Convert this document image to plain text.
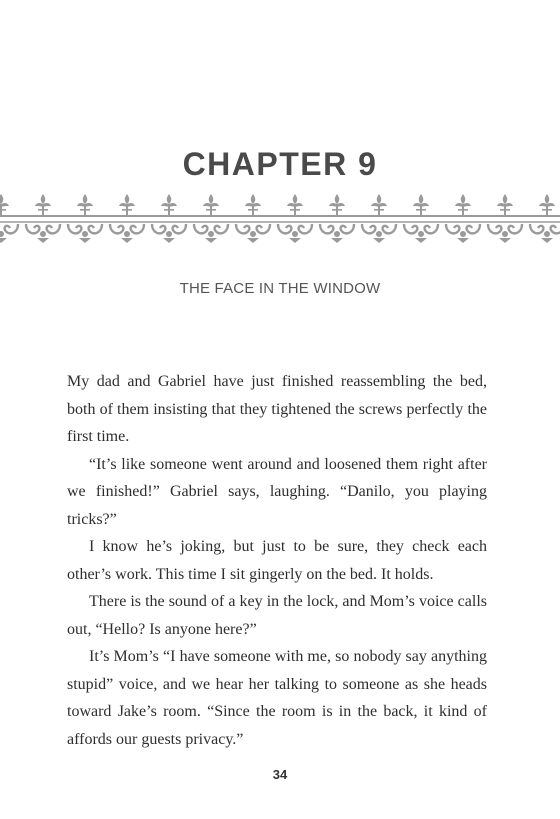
CHAPTER 9
THE FACE IN THE WINDOW

My dad and Gabriel have just finished reassembling the bed, both of them insisting that they tightened the screws perfectly the first time.

“It’s like someone went around and loosened them right after we finished!” Gabriel says, laughing. “Danilo, you playing tricks?”

I know he’s joking, but just to be sure, they check each other’s work. This time I sit gingerly on the bed. It holds.

There is the sound of a key in the lock, and Mom’s voice calls out, “Hello? Is anyone here?”

It’s Mom’s “I have someone with me, so nobody say anything stupid” voice, and we hear her talking to someone as she heads toward Jake’s room. “Since the room is in the back, it kind of affords our guests privacy.”

34
